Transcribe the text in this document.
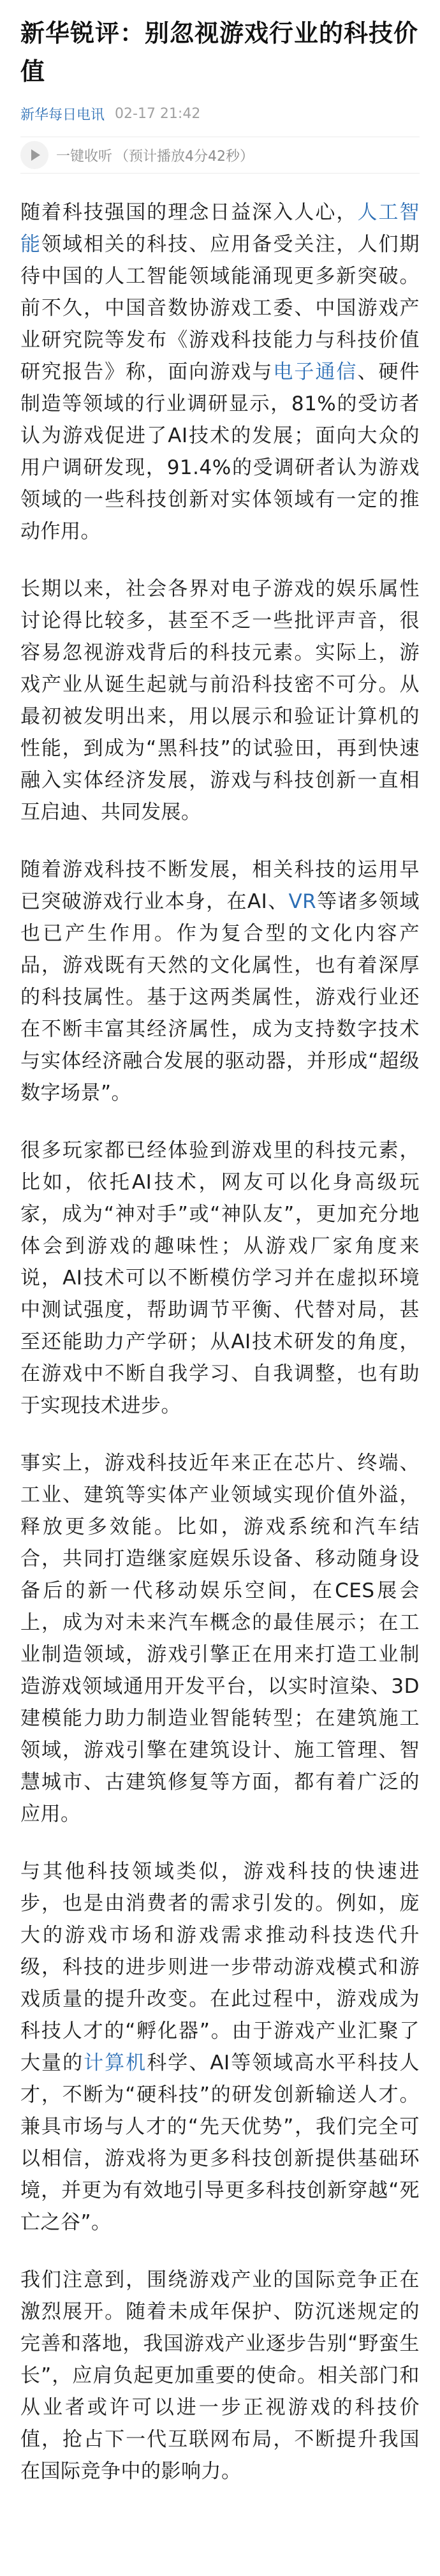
新华锐评：别忽视游戏行业的科技价值
新华每日电讯 02-17 21:42
一键收听 （预计播放4分42秒）

随着科技强国的理念日益深入人心，人工智能领域相关的科技、应用备受关注，人们期待中国的人工智能领域能涌现更多新突破。前不久，中国音数协游戏工委、中国游戏产业研究院等发布《游戏科技能力与科技价值研究报告》称，面向游戏与电子通信、硬件制造等领域的行业调研显示，81%的受访者认为游戏促进了AI技术的发展；面向大众的用户调研发现，91.4%的受调研者认为游戏领域的一些科技创新对实体领域有一定的推动作用。

长期以来，社会各界对电子游戏的娱乐属性讨论得比较多，甚至不乏一些批评声音，很容易忽视游戏背后的科技元素。实际上，游戏产业从诞生起就与前沿科技密不可分。从最初被发明出来，用以展示和验证计算机的性能，到成为“黑科技”的试验田，再到快速融入实体经济发展，游戏与科技创新一直相互启迪、共同发展。

随着游戏科技不断发展，相关科技的运用早已突破游戏行业本身，在AI、VR等诸多领域也已产生作用。作为复合型的文化内容产品，游戏既有天然的文化属性，也有着深厚的科技属性。基于这两类属性，游戏行业还在不断丰富其经济属性，成为支持数字技术与实体经济融合发展的驱动器，并形成“超级数字场景”。

很多玩家都已经体验到游戏里的科技元素，比如，依托AI技术，网友可以化身高级玩家，成为“神对手”或“神队友”，更加充分地体会到游戏的趣味性；从游戏厂家角度来说，AI技术可以不断模仿学习并在虚拟环境中测试强度，帮助调节平衡、代替对局，甚至还能助力产学研；从AI技术研发的角度，在游戏中不断自我学习、自我调整，也有助于实现技术进步。

事实上，游戏科技近年来正在芯片、终端、工业、建筑等实体产业领域实现价值外溢，释放更多效能。比如，游戏系统和汽车结合，共同打造继家庭娱乐设备、移动随身设备后的新一代移动娱乐空间，在CES展会上，成为对未来汽车概念的最佳展示；在工业制造领域，游戏引擎正在用来打造工业制造游戏领域通用开发平台，以实时渲染、3D建模能力助力制造业智能转型；在建筑施工领域，游戏引擎在建筑设计、施工管理、智慧城市、古建筑修复等方面，都有着广泛的应用。

与其他科技领域类似，游戏科技的快速进步，也是由消费者的需求引发的。例如，庞大的游戏市场和游戏需求推动科技迭代升级，科技的进步则进一步带动游戏模式和游戏质量的提升改变。在此过程中，游戏成为科技人才的“孵化器”。由于游戏产业汇聚了大量的计算机科学、AI等领域高水平科技人才，不断为“硬科技”的研发创新输送人才。兼具市场与人才的“先天优势”，我们完全可以相信，游戏将为更多科技创新提供基础环境，并更为有效地引导更多科技创新穿越“死亡之谷”。

我们注意到，围绕游戏产业的国际竞争正在激烈展开。随着未成年保护、防沉迷规定的完善和落地，我国游戏产业逐步告别“野蛮生长”，应肩负起更加重要的使命。相关部门和从业者或许可以进一步正视游戏的科技价值，抢占下一代互联网布局，不断提升我国在国际竞争中的影响力。
